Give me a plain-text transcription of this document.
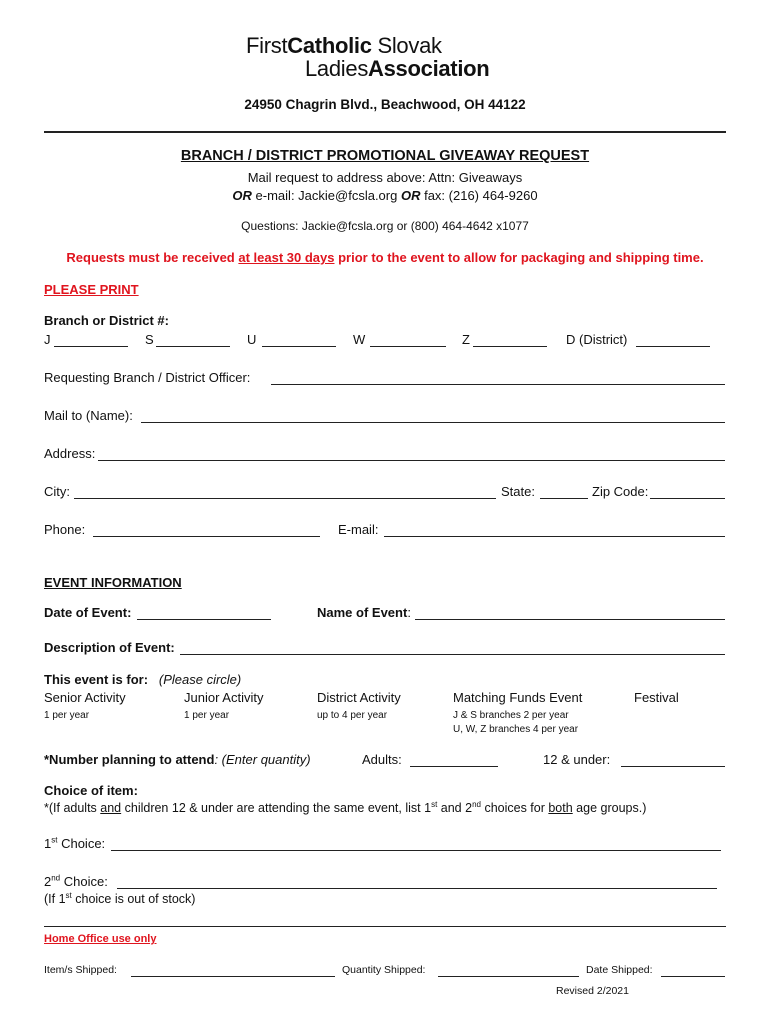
FirstCatholic Slovak
LadiesAssociation
24950 Chagrin Blvd., Beachwood, OH 44122
BRANCH / DISTRICT PROMOTIONAL GIVEAWAY REQUEST
Mail request to address above: Attn: Giveaways
OR e-mail: Jackie@fcsla.org OR fax: (216) 464-9260
Questions: Jackie@fcsla.org or (800) 464-4642 x1077
Requests must be received at least 30 days prior to the event to allow for packaging and shipping time.
PLEASE PRINT
Branch or District #:
J	S	U	W	Z	D (District)
Requesting Branch / District Officer:
Mail to (Name):
Address:
City:	State:	Zip Code:
Phone:	E-mail:
EVENT INFORMATION
Date of Event:	Name of Event:
Description of Event:
This event is for: (Please circle)
Senior Activity
1 per year
Junior Activity
1 per year
District Activity
up to 4 per year
Matching Funds Event
J & S branches 2 per year
U, W, Z branches 4 per year
Festival
*Number planning to attend: (Enter quantity)	Adults:	12 & under:
Choice of item:
*(If adults and children 12 & under are attending the same event, list 1st and 2nd choices for both age groups.)
1st Choice:
2nd Choice:
(If 1st choice is out of stock)
Home Office use only
Item/s Shipped:	Quantity Shipped:	Date Shipped:
Revised 2/2021
